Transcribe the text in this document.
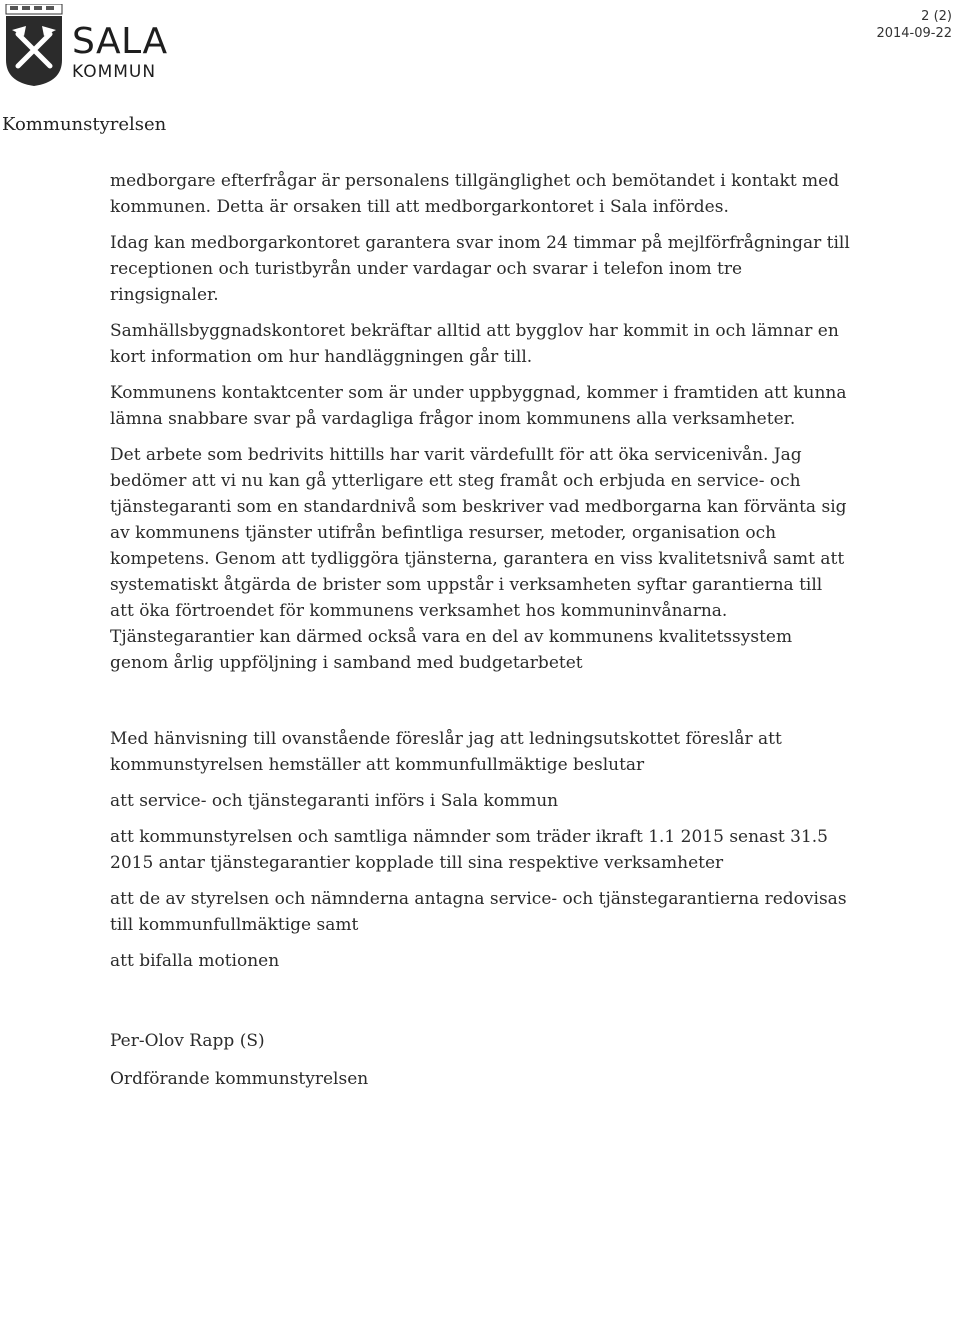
SALA
KOMMUN
2 (2)
2014-09-22
Kommunstyrelsen

medborgare efterfrågar är personalens tillgänglighet och bemötandet i kontakt med kommunen. Detta är orsaken till att medborgarkontoret i Sala infördes.

Idag kan medborgarkontoret garantera svar inom 24 timmar på mejlförfrågningar till receptionen och turistbyrån under vardagar och svarar i telefon inom tre ringsignaler.

Samhällsbyggnadskontoret bekräftar alltid att bygglov har kommit in och lämnar en kort information om hur handläggningen går till.

Kommunens kontaktcenter som är under uppbyggnad, kommer i framtiden att kunna lämna snabbare svar på vardagliga frågor inom kommunens alla verksamheter.

Det arbete som bedrivits hittills har varit värdefullt för att öka servicenivån. Jag bedömer att vi nu kan gå ytterligare ett steg framåt och erbjuda en service- och tjänstegaranti som en standardnivå som beskriver vad medborgarna kan förvänta sig av kommunens tjänster utifrån befintliga resurser, metoder, organisation och kompetens. Genom att tydliggöra tjänsterna, garantera en viss kvalitetsnivå samt att systematiskt åtgärda de brister som uppstår i verksamheten syftar garantierna till att öka förtroendet för kommunens verksamhet hos kommuninvånarna. Tjänstegarantier kan därmed också vara en del av kommunens kvalitetssystem genom årlig uppföljning i samband med budgetarbetet

Med hänvisning till ovanstående föreslår jag att ledningsutskottet föreslår att kommunstyrelsen hemställer att kommunfullmäktige beslutar

att service- och tjänstegaranti införs i Sala kommun

att kommunstyrelsen och samtliga nämnder som träder ikraft 1.1 2015 senast 31.5 2015 antar tjänstegarantier kopplade till sina respektive verksamheter

att de av styrelsen och nämnderna antagna service- och tjänstegarantierna redovisas till kommunfullmäktige samt

att bifalla motionen

Per-Olov Rapp (S)

Ordförande kommunstyrelsen
